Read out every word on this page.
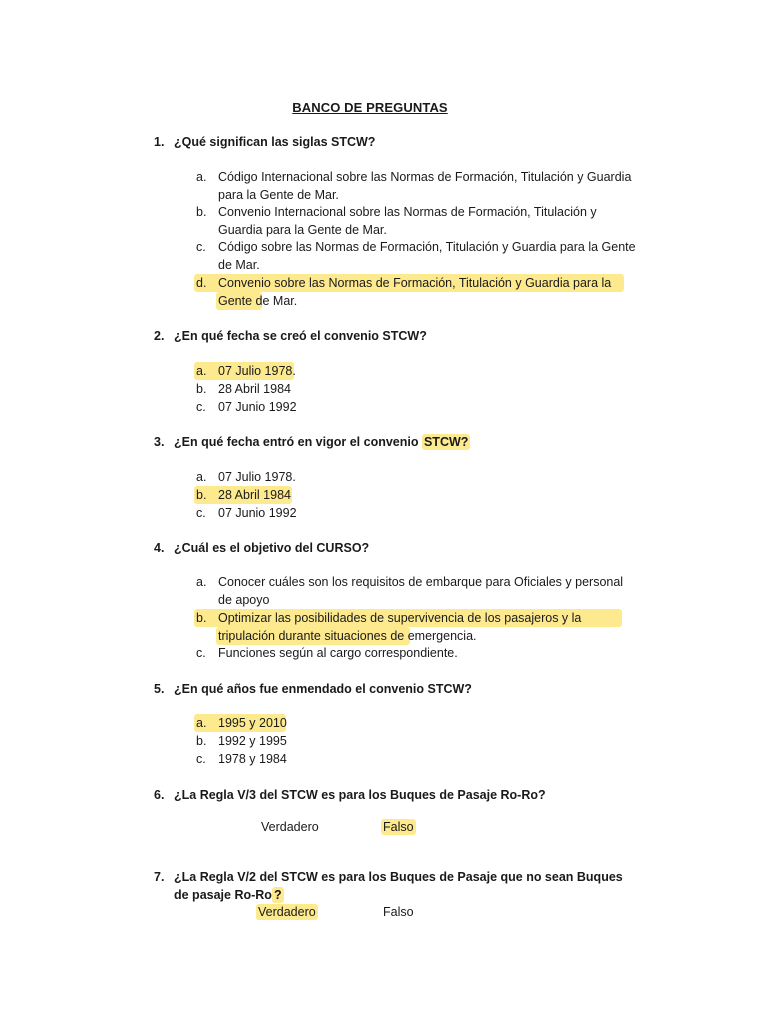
BANCO DE PREGUNTAS
1. ¿Qué significan las siglas STCW?
a. Código Internacional sobre las Normas de Formación, Titulación y Guardia para la Gente de Mar.
b. Convenio Internacional sobre las Normas de Formación, Titulación y Guardia para la Gente de Mar.
c. Código sobre las Normas de Formación, Titulación y Guardia para la Gente de Mar.
d. Convenio sobre las Normas de Formación, Titulación y Guardia para la Gente de Mar.
2. ¿En qué fecha se creó el convenio STCW?
a. 07 Julio 1978.
b. 28 Abril 1984
c. 07 Junio 1992
3. ¿En qué fecha entró en vigor el convenio STCW?
a. 07 Julio 1978.
b. 28 Abril 1984
c. 07 Junio 1992
4. ¿Cuál es el objetivo del CURSO?
a. Conocer cuáles son los requisitos de embarque para Oficiales y personal de apoyo
b. Optimizar las posibilidades de supervivencia de los pasajeros y la tripulación durante situaciones de emergencia.
c. Funciones según al cargo correspondiente.
5. ¿En qué años fue enmendado el convenio STCW?
a. 1995 y 2010
b. 1992 y 1995
c. 1978 y 1984
6. ¿La Regla V/3 del STCW es para los Buques de Pasaje Ro-Ro?
Verdadero	Falso
7. ¿La Regla V/2 del STCW es para los Buques de Pasaje que no sean Buques de pasaje Ro-Ro ?
Verdadero	Falso
